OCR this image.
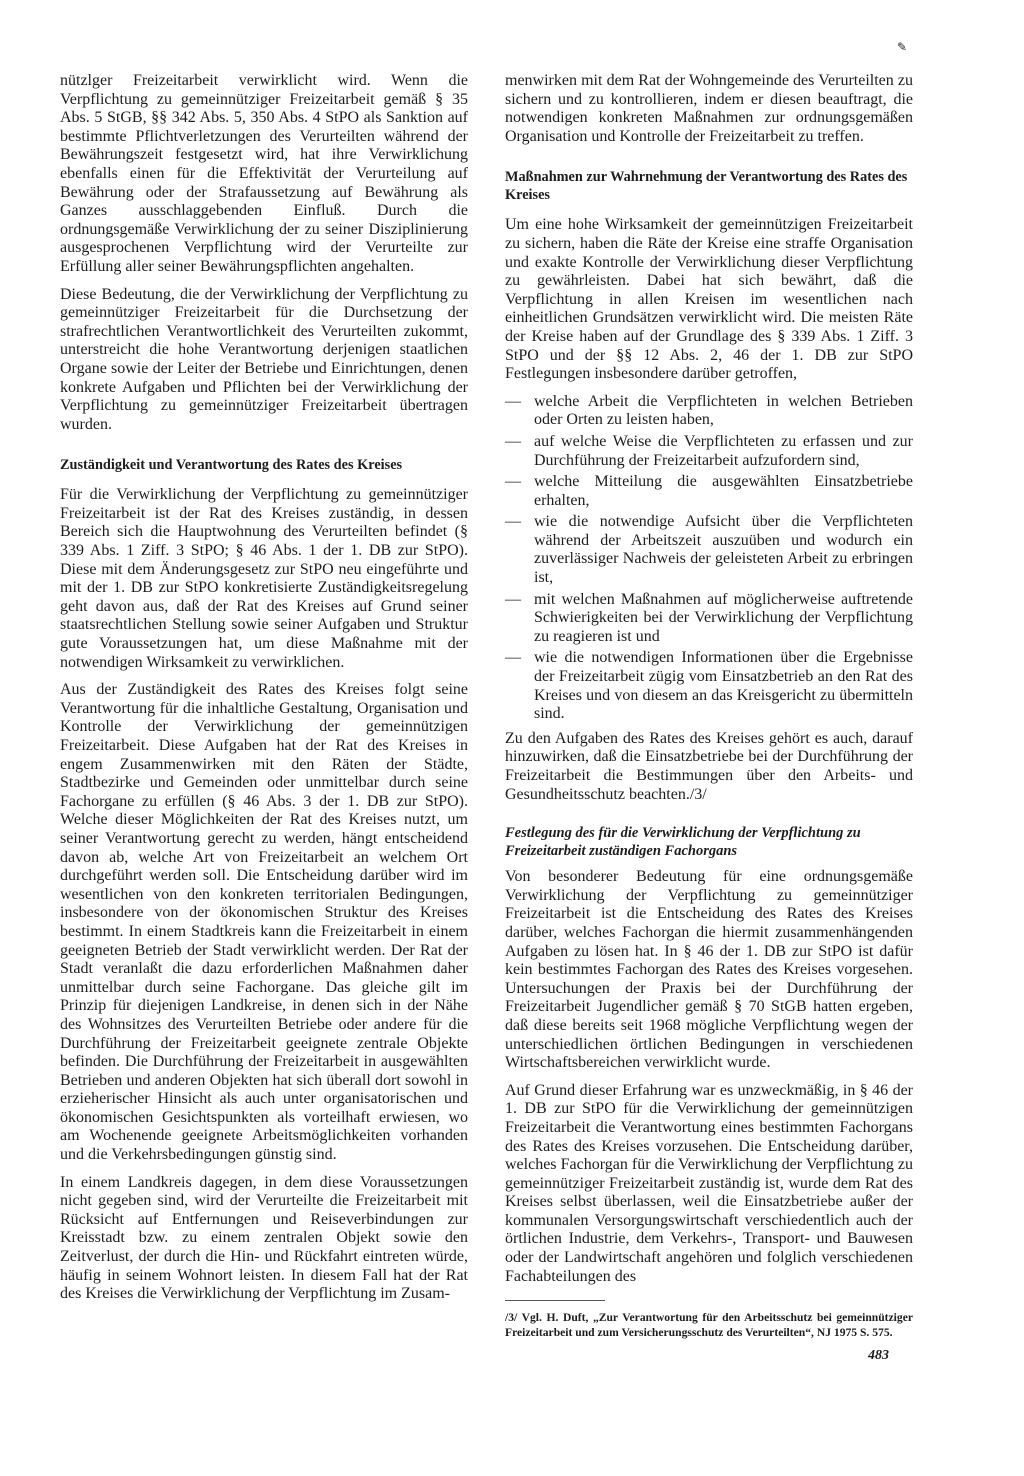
✎

nützlger Freizeitarbeit verwirklicht wird. Wenn die Verpflichtung zu gemeinnütziger Freizeitarbeit gemäß § 35 Abs. 5 StGB, §§ 342 Abs. 5, 350 Abs. 4 StPO als Sanktion auf bestimmte Pflichtverletzungen des Verurteilten während der Bewährungszeit festgesetzt wird, hat ihre Verwirklichung ebenfalls einen für die Effektivität der Verurteilung auf Bewährung oder der Strafaussetzung auf Bewährung als Ganzes ausschlaggebenden Einfluß. Durch die ordnungsgemäße Verwirklichung der zu seiner Disziplinierung ausgesprochenen Verpflichtung wird der Verurteilte zur Erfüllung aller seiner Bewährungspflichten angehalten.

Diese Bedeutung, die der Verwirklichung der Verpflichtung zu gemeinnütziger Freizeitarbeit für die Durchsetzung der strafrechtlichen Verantwortlichkeit des Verurteilten zukommt, unterstreicht die hohe Verantwortung derjenigen staatlichen Organe sowie der Leiter der Betriebe und Einrichtungen, denen konkrete Aufgaben und Pflichten bei der Verwirklichung der Verpflichtung zu gemeinnütziger Freizeitarbeit übertragen wurden.

Zuständigkeit und Verantwortung des Rates des Kreises

Für die Verwirklichung der Verpflichtung zu gemeinnütziger Freizeitarbeit ist der Rat des Kreises zuständig, in dessen Bereich sich die Hauptwohnung des Verurteilten befindet (§ 339 Abs. 1 Ziff. 3 StPO; § 46 Abs. 1 der 1. DB zur StPO). Diese mit dem Änderungsgesetz zur StPO neu eingeführte und mit der 1. DB zur StPO konkretisierte Zuständigkeitsregelung geht davon aus, daß der Rat des Kreises auf Grund seiner staatsrechtlichen Stellung sowie seiner Aufgaben und Struktur gute Voraussetzungen hat, um diese Maßnahme mit der notwendigen Wirksamkeit zu verwirklichen.

Aus der Zuständigkeit des Rates des Kreises folgt seine Verantwortung für die inhaltliche Gestaltung, Organisation und Kontrolle der Verwirklichung der gemeinnützigen Freizeitarbeit. Diese Aufgaben hat der Rat des Kreises in engem Zusammenwirken mit den Räten der Städte, Stadtbezirke und Gemeinden oder unmittelbar durch seine Fachorgane zu erfüllen (§ 46 Abs. 3 der 1. DB zur StPO). Welche dieser Möglichkeiten der Rat des Kreises nutzt, um seiner Verantwortung gerecht zu werden, hängt entscheidend davon ab, welche Art von Freizeitarbeit an welchem Ort durchgeführt werden soll. Die Entscheidung darüber wird im wesentlichen von den konkreten territorialen Bedingungen, insbesondere von der ökonomischen Struktur des Kreises bestimmt. In einem Stadtkreis kann die Freizeitarbeit in einem geeigneten Betrieb der Stadt verwirklicht werden. Der Rat der Stadt veranlaßt die dazu erforderlichen Maßnahmen daher unmittelbar durch seine Fachorgane. Das gleiche gilt im Prinzip für diejenigen Landkreise, in denen sich in der Nähe des Wohnsitzes des Verurteilten Betriebe oder andere für die Durchführung der Freizeitarbeit geeignete zentrale Objekte befinden. Die Durchführung der Freizeitarbeit in ausgewählten Betrieben und anderen Objekten hat sich überall dort sowohl in erzieherischer Hinsicht als auch unter organisatorischen und ökonomischen Gesichtspunkten als vorteilhaft erwiesen, wo am Wochenende geeignete Arbeitsmöglichkeiten vorhanden und die Verkehrsbedingungen günstig sind.

In einem Landkreis dagegen, in dem diese Voraussetzungen nicht gegeben sind, wird der Verurteilte die Freizeitarbeit mit Rücksicht auf Entfernungen und Reiseverbindungen zur Kreisstadt bzw. zu einem zentralen Objekt sowie den Zeitverlust, der durch die Hin- und Rückfahrt eintreten würde, häufig in seinem Wohnort leisten. In diesem Fall hat der Rat des Kreises die Verwirklichung der Verpflichtung im Zusam-

menwirken mit dem Rat der Wohngemeinde des Verurteilten zu sichern und zu kontrollieren, indem er diesen beauftragt, die notwendigen konkreten Maßnahmen zur ordnungsgemäßen Organisation und Kontrolle der Freizeitarbeit zu treffen.

Maßnahmen zur Wahrnehmung der Verantwortung des Rates des Kreises

Um eine hohe Wirksamkeit der gemeinnützigen Freizeitarbeit zu sichern, haben die Räte der Kreise eine straffe Organisation und exakte Kontrolle der Verwirklichung dieser Verpflichtung zu gewährleisten. Dabei hat sich bewährt, daß die Verpflichtung in allen Kreisen im wesentlichen nach einheitlichen Grundsätzen verwirklicht wird. Die meisten Räte der Kreise haben auf der Grundlage des § 339 Abs. 1 Ziff. 3 StPO und der §§ 12 Abs. 2, 46 der 1. DB zur StPO Festlegungen insbesondere darüber getroffen,

— welche Arbeit die Verpflichteten in welchen Betrieben oder Orten zu leisten haben,
— auf welche Weise die Verpflichteten zu erfassen und zur Durchführung der Freizeitarbeit aufzufordern sind,
— welche Mitteilung die ausgewählten Einsatzbetriebe erhalten,
— wie die notwendige Aufsicht über die Verpflichteten während der Arbeitszeit auszuüben und wodurch ein zuverlässiger Nachweis der geleisteten Arbeit zu erbringen ist,
— mit welchen Maßnahmen auf möglicherweise auftretende Schwierigkeiten bei der Verwirklichung der Verpflichtung zu reagieren ist und
— wie die notwendigen Informationen über die Ergebnisse der Freizeitarbeit zügig vom Einsatzbetrieb an den Rat des Kreises und von diesem an das Kreisgericht zu übermitteln sind.

Zu den Aufgaben des Rates des Kreises gehört es auch, darauf hinzuwirken, daß die Einsatzbetriebe bei der Durchführung der Freizeitarbeit die Bestimmungen über den Arbeits- und Gesundheitsschutz beachten./3/

Festlegung des für die Verwirklichung der Verpflichtung zu Freizeitarbeit zuständigen Fachorgans

Von besonderer Bedeutung für eine ordnungsgemäße Verwirklichung der Verpflichtung zu gemeinnütziger Freizeitarbeit ist die Entscheidung des Rates des Kreises darüber, welches Fachorgan die hiermit zusammenhängenden Aufgaben zu lösen hat. In § 46 der 1. DB zur StPO ist dafür kein bestimmtes Fachorgan des Rates des Kreises vorgesehen. Untersuchungen der Praxis bei der Durchführung der Freizeitarbeit Jugendlicher gemäß § 70 StGB hatten ergeben, daß diese bereits seit 1968 mögliche Verpflichtung wegen der unterschiedlichen örtlichen Bedingungen in verschiedenen Wirtschaftsbereichen verwirklicht wurde.

Auf Grund dieser Erfahrung war es unzweckmäßig, in § 46 der 1. DB zur StPO für die Verwirklichung der gemeinnützigen Freizeitarbeit die Verantwortung eines bestimmten Fachorgans des Rates des Kreises vorzusehen. Die Entscheidung darüber, welches Fachorgan für die Verwirklichung der Verpflichtung zu gemeinnütziger Freizeitarbeit zuständig ist, wurde dem Rat des Kreises selbst überlassen, weil die Einsatzbetriebe außer der kommunalen Versorgungswirtschaft verschiedentlich auch der örtlichen Industrie, dem Verkehrs-, Transport- und Bauwesen oder der Landwirtschaft angehören und folglich verschiedenen Fachabteilungen des

/3/ Vgl. H. Duft, „Zur Verantwortung für den Arbeitsschutz bei gemeinnütziger Freizeitarbeit und zum Versicherungsschutz des Verurteilten“, NJ 1975 S. 575.

483
